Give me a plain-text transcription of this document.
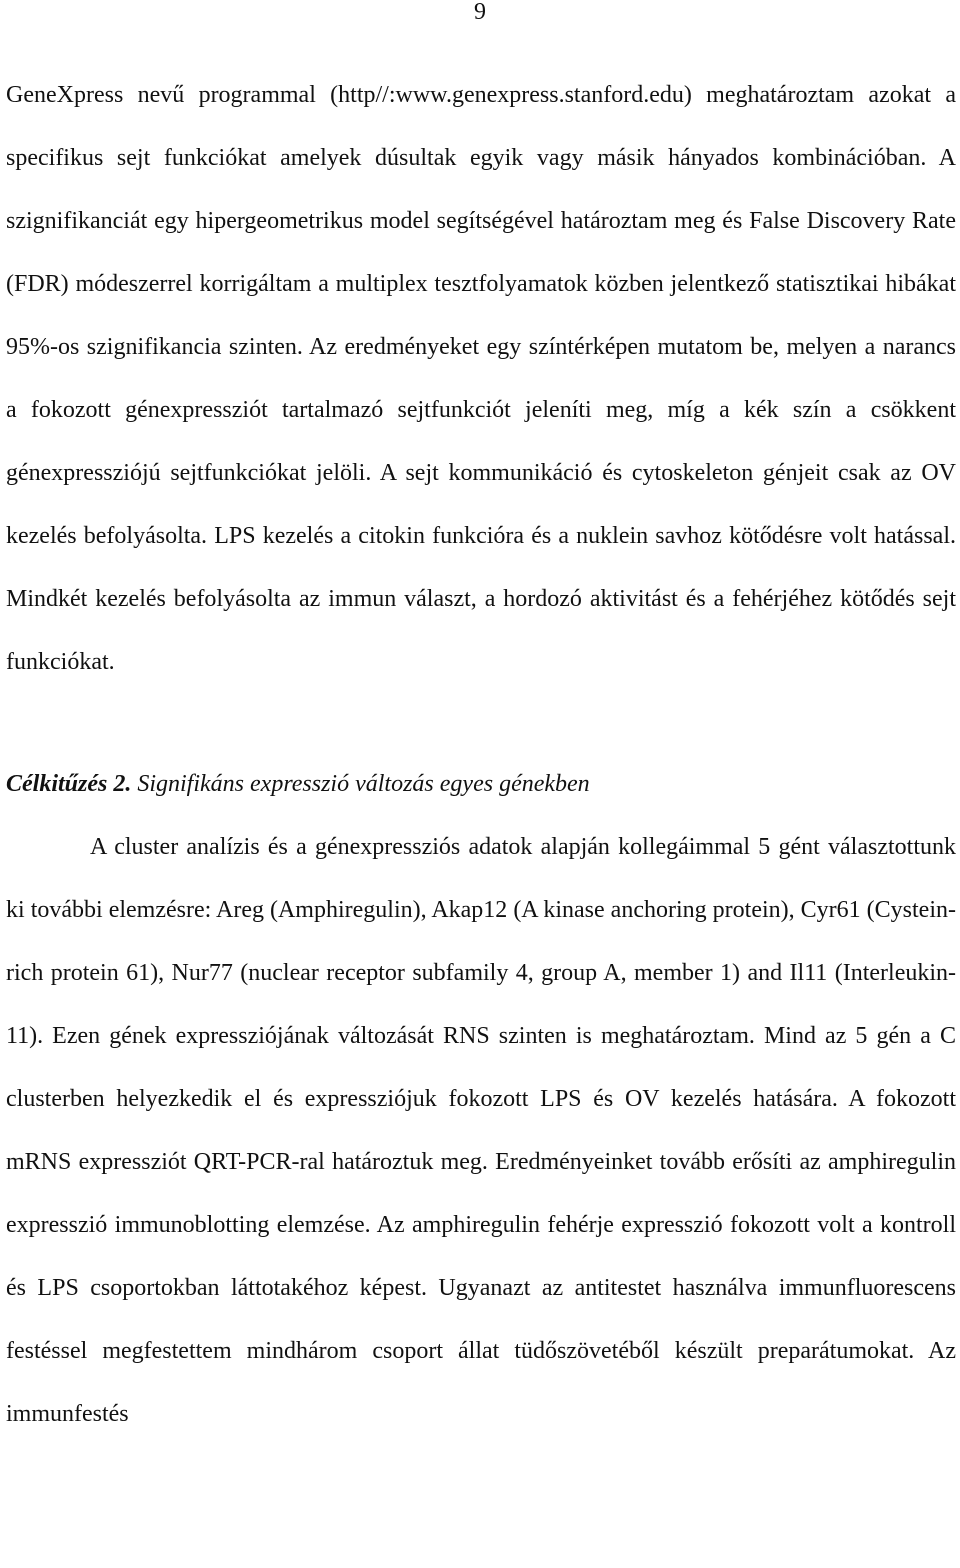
9

GeneXpress nevű programmal (http//:www.genexpress.stanford.edu) meghatároztam azokat a specifikus sejt funkciókat amelyek dúsultak egyik vagy másik hányados kombinációban. A szignifikanciát egy hipergeometrikus model segítségével határoztam meg és False Discovery Rate (FDR) módeszerrel korrigáltam a multiplex tesztfolyamatok közben jelentkező statisztikai hibákat 95%-os szignifikancia szinten. Az eredményeket egy színtérképen mutatom be, melyen a narancs a fokozott génexpressziót tartalmazó sejtfunkciót jeleníti meg, míg a kék szín a csökkent génexpressziójú sejtfunkciókat jelöli. A sejt kommunikáció és cytoskeleton génjeit csak az OV kezelés befolyásolta. LPS kezelés a citokin funkcióra és a nuklein savhoz kötődésre volt hatással. Mindkét kezelés befolyásolta az immun választ, a hordozó aktivitást és a fehérjéhez kötődés sejt funkciókat.

Célkitűzés 2. Signifikáns expresszió változás egyes génekben

A cluster analízis és a génexpressziós adatok alapján kollegáimmal 5 gént választottunk ki további elemzésre: Areg (Amphiregulin), Akap12 (A kinase anchoring protein), Cyr61 (Cystein-rich protein 61), Nur77 (nuclear receptor subfamily 4, group A, member 1) and Il11 (Interleukin-11). Ezen gének expressziójának változását RNS szinten is meghatároztam. Mind az 5 gén a C clusterben helyezkedik el és expressziójuk fokozott LPS és OV kezelés hatására. A fokozott mRNS expressziót QRT-PCR-ral határoztuk meg. Eredményeinket tovább erősíti az amphiregulin expresszió immunoblotting elemzése. Az amphiregulin fehérje expresszió fokozott volt a kontroll és LPS csoportokban láttotakéhoz képest. Ugyanazt az antitestet használva immunfluorescens festéssel megfestettem mindhárom csoport állat tüdőszövetéből készült preparátumokat. Az immunfestés
